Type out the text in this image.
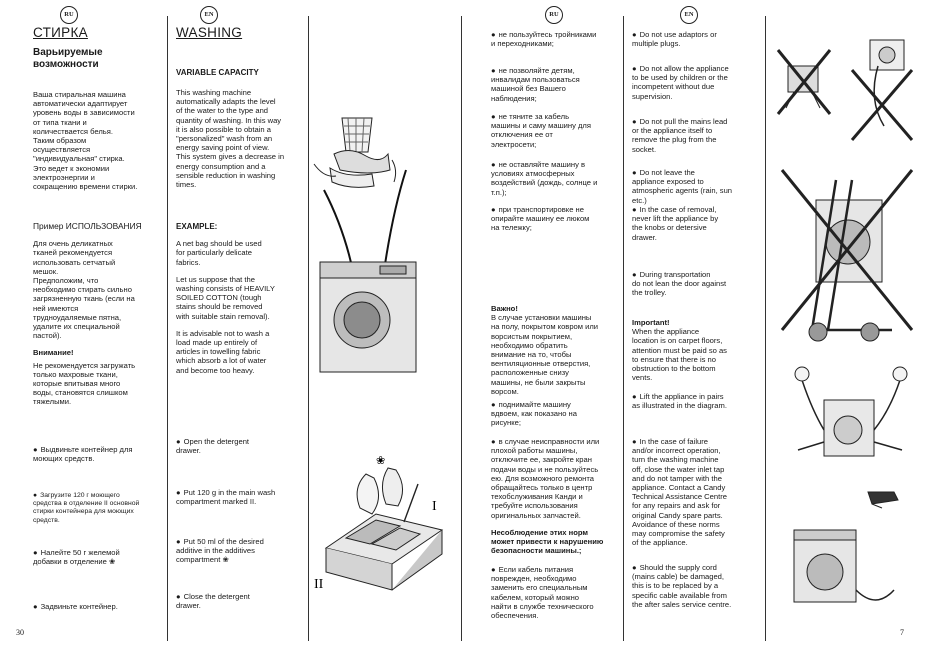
RU	EN
СТИРКА
Варьируемые возможности

Ваша стиральная машина
автоматически адаптирует
уровень воды в зависимости
от типа ткани и
количествается белья.
Таким образом
осуществляется
"индивидуальная" стирка.
Это ведет к экономии
электроэнергии и
сокращению времени стирки.

Пример ИСПОЛЬЗОВАНИЯ

Для очень деликатных
тканей рекомендуется
использовать сетчатый
мешок.
Предположим, что
необходимо стирать сильно
загрязненную ткань (если на
ней имеются
трудноудаляемые пятна,
удалите их специальной
пастой).

Внимание!

Не рекомендуется загружать
только махровые ткани,
которые впитывая много
воды, становятся слишком
тяжелыми.

● Выдвиньте контейнер для
моющих средств.

● Загрузите 120 г моющего
средства в отделение II основной
стирки контейнера для моющих
средств.

● Налейте 50 г желемой
добавки в отделение ❀

● Задвиньте контейнер.

WASHING

VARIABLE CAPACITY

This washing machine
automatically adapts the level
of the water to the type and
quantity of washing. In this way
it is also possible to obtain a
"personalized" wash from an
energy saving point of view.
This system gives a decrease in
energy consumption and a
sensible reduction in washing
times.

EXAMPLE:

A net bag should be used
for particularly delicate
fabrics.

Let us suppose that the
washing consists of HEAVILY
SOILED COTTON (tough
stains should be removed
with suitable stain removal).

It is advisable not to wash a
load made up entirely of
articles in towelling fabric
which absorb a lot of water
and become too heavy.

● Open the detergent
drawer.

● Put 120 g in the main wash
compartment marked II.

● Put 50 ml of the desired
additive in the additives
compartment ❀

● Close the detergent
drawer.

I
II
❀
30
RU	EN

● не пользуйтесь тройниками
и переходниками;

● не позволяйте детям,
инвалидам пользоваться
машиной без Вашего
наблюдения;

● не тяните за кабель
машины и саму машину для
отключения ее от
электросети;

● не оставляйте машину в
условиях атмосферных
воздействий (дождь, солнце и
т.п.);

● при транспортировке не
опирайте машину ее люком
на тележку;

Важно!

В случае установки машины
на полу, покрытом ковром или
ворсистым покрытием,
необходимо обратить
внимание на то, чтобы
вентиляционные отверстия,
расположенные снизу
машины, не были закрыты
ворсом.

● поднимайте машину
вдвоем, как показано на
рисунке;

● в случае неисправности или
плохой работы машины,
отключите ее, закройте кран
подачи воды и не пользуйтесь
ею. Для возможного ремонта
обращайтесь только в центр
техобслуживания Канди и
требуйте использования
оригинальных запчастей.

Несоблюдение этих норм
может привести к нарушению
безопасности машины.;

● Если кабель питания
поврежден, необходимо
заменить его специальным
кабелем, который можно
найти в службе технического
обеспечения.

● Do not use adaptors or
multiple plugs.

● Do not allow the appliance
to be used by children or the
incompetent without due
supervision.

● Do not pull the mains lead
or the appliance itself to
remove the plug from the
socket.

● Do not leave the
appliance exposed to
atmospheric agents (rain, sun
etc.)

● In the case of removal,
never lift the appliance by
the knobs or detersive
drawer.

● During transportation
do not lean the door against
the trolley.

Important!

When the appliance
location is on carpet floors,
attention must be paid so as
to ensure that there is no
obstruction to the bottom
vents.

● Lift the appliance in pairs
as illustrated in the diagram.

● In the case of failure
and/or incorrect operation,
turn the washing machine
off, close the water inlet tap
and do not tamper with the
appliance. Contact a Candy
Technical Assistance Centre
for any repairs and ask for
original Candy spare parts.
Avoidance of these norms
may compromise the safety
of the appliance.

● Should the supply cord
(mains cable) be damaged,
this is to be replaced by a
specific cable available from
the after sales service centre.

7
